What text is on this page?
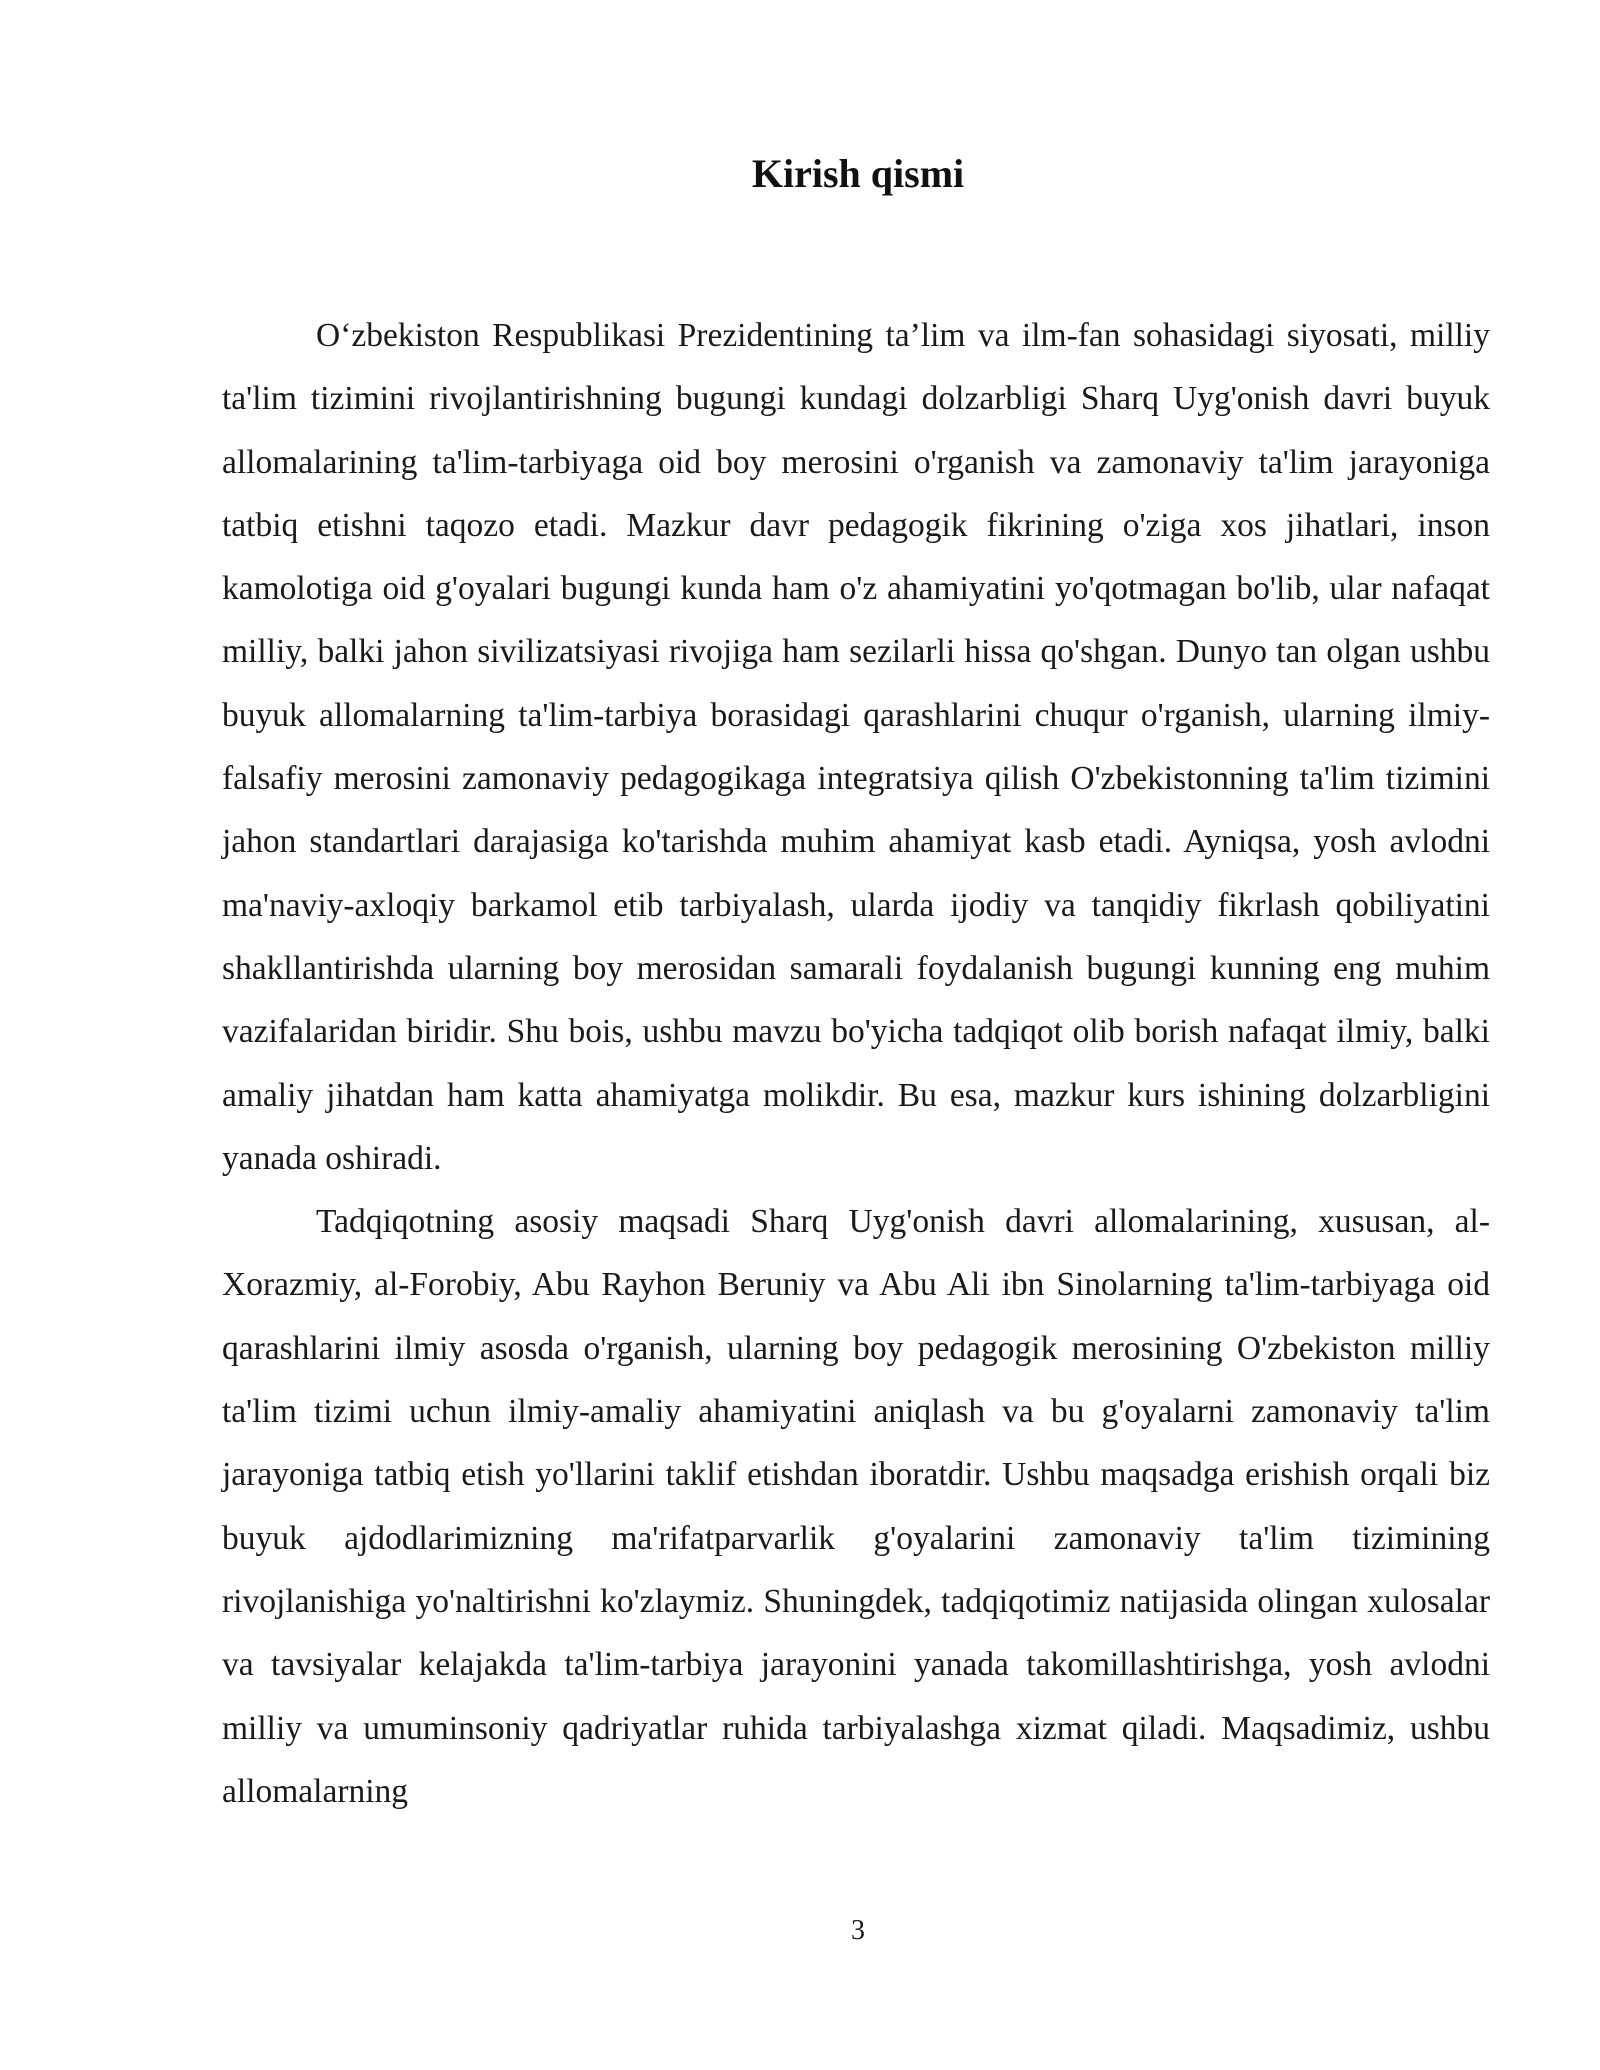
Kirish qismi

O‘zbekiston Respublikasi Prezidentining ta’lim va ilm-fan sohasidagi siyosati, milliy ta'lim tizimini rivojlantirishning bugungi kundagi dolzarbligi Sharq Uyg'onish davri buyuk allomalarining ta'lim-tarbiyaga oid boy merosini o'rganish va zamonaviy ta'lim jarayoniga tatbiq etishni taqozo etadi. Mazkur davr pedagogik fikrining o'ziga xos jihatlari, inson kamolotiga oid g'oyalari bugungi kunda ham o'z ahamiyatini yo'qotmagan bo'lib, ular nafaqat milliy, balki jahon sivilizatsiyasi rivojiga ham sezilarli hissa qo'shgan. Dunyo tan olgan ushbu buyuk allomalarning ta'lim-tarbiya borasidagi qarashlarini chuqur o'rganish, ularning ilmiy-falsafiy merosini zamonaviy pedagogikaga integratsiya qilish O'zbekistonning ta'lim tizimini jahon standartlari darajasiga ko'tarishda muhim ahamiyat kasb etadi. Ayniqsa, yosh avlodni ma'naviy-axloqiy barkamol etib tarbiyalash, ularda ijodiy va tanqidiy fikrlash qobiliyatini shakllantirishda ularning boy merosidan samarali foydalanish bugungi kunning eng muhim vazifalaridan biridir. Shu bois, ushbu mavzu bo'yicha tadqiqot olib borish nafaqat ilmiy, balki amaliy jihatdan ham katta ahamiyatga molikdir. Bu esa, mazkur kurs ishining dolzarbligini yanada oshiradi.

Tadqiqotning asosiy maqsadi Sharq Uyg'onish davri allomalarining, xususan, al-Xorazmiy, al-Forobiy, Abu Rayhon Beruniy va Abu Ali ibn Sinolarning ta'lim-tarbiyaga oid qarashlarini ilmiy asosda o'rganish, ularning boy pedagogik merosining O'zbekiston milliy ta'lim tizimi uchun ilmiy-amaliy ahamiyatini aniqlash va bu g'oyalarni zamonaviy ta'lim jarayoniga tatbiq etish yo'llarini taklif etishdan iboratdir. Ushbu maqsadga erishish orqali biz buyuk ajdodlarimizning ma'rifatparvarlik g'oyalarini zamonaviy ta'lim tizimining rivojlanishiga yo'naltirishni ko'zlaymiz. Shuningdek, tadqiqotimiz natijasida olingan xulosalar va tavsiyalar kelajakda ta'lim-tarbiya jarayonini yanada takomillashtirishga, yosh avlodni milliy va umuminsoniy qadriyatlar ruhida tarbiyalashga xizmat qiladi. Maqsadimiz, ushbu allomalarning

3
